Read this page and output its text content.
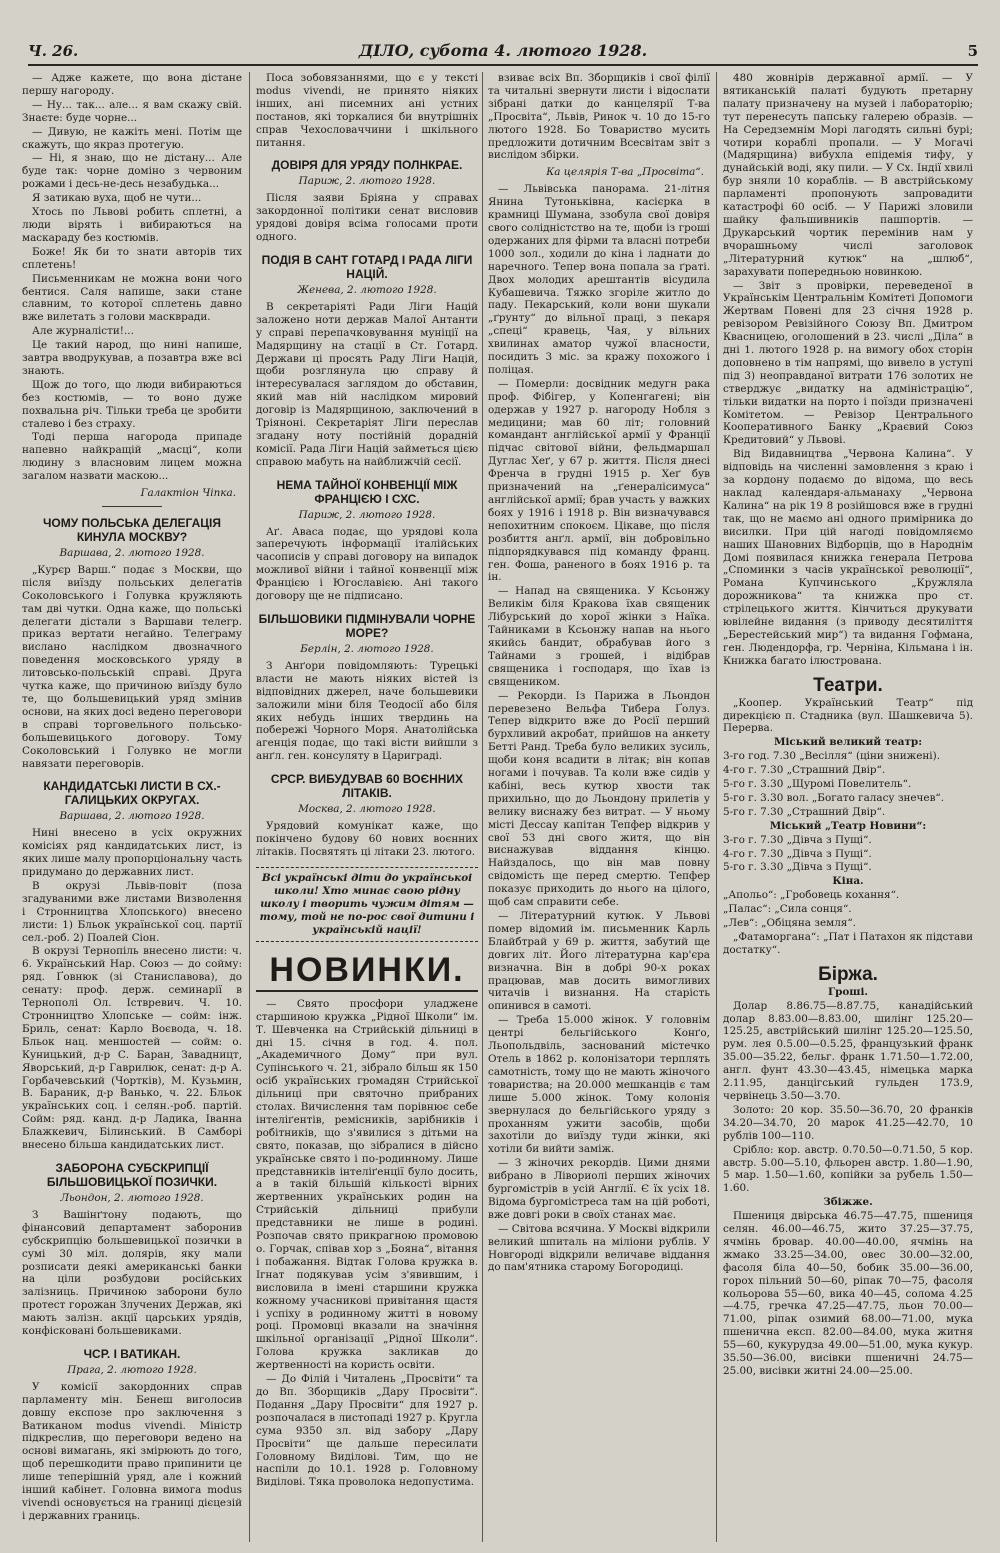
Ч. 26.	ДІЛО, субота 4. лютого 1928.	5

— Адже кажете, що вона дістане першу нагороду.

— Ну... так... але... я вам скажу свій. Знаєте: буде чорне...

— Дивую, не кажіть мені. Потім ще скажуть, що якраз протегую.

— Ні, я знаю, що не дістану... Але буде так: чорне доміно з червоним рожами і десь-не-десь незабудька...

Я затикаю вуха, щоб не чути...

Хтось по Львові робить сплетні, а люди вірять і вибираються на маскараду без костюмів.

Боже! Як би то знати авторів тих сплетень!

Письменникам не можна вони чого бентися. Саля напише, заки стане славним, то которої сплетень давно вже вилетать з голови масквради.

Але журналісти!...

Це такий народ, що нині напише, завтра вводрукував, а позавтра вже всі знають.

Щож до того, що люди вибираються без костюмів, — то воно дуже похвальна річ. Тільки треба це зробити сталево і без страху.

Тоді перша нагорода припаде напевно найкращій „масці“, коли людину з власновим лицем можна загалом назвати маскою...

Галактіон Чіпка.
ЧОМУ ПОЛЬСЬКА ДЕЛЕГАЦІЯ КИНУЛА МОСКВУ?

Варшава, 2. лютого 1928.

„Курєр Варш.“ подає з Москви, що після виїзду польських делегатів Соколовського і Голувка кружляють там дві чутки. Одна каже, що польські делегати дістали з Варшави телегр. приказ вертати негайно. Телеграму вислано наслідком двозначного поведення московського уряду в литовсько-польській справі. Друга чутка каже, що причиною виїзду було те, що большевицький уряд змінив основи, на яких досі ведено переговори в справі торговельного польсько-большевицького договору. Тому Соколовський і Голувко не могли навязати переговорів.

КАНДИДАТСЬКІ ЛИСТИ В СХ.-ГАЛИЦЬКИХ ОКРУГАХ.

Варшава, 2. лютого 1928.

Нині внесено в усіх окружних комісіях ряд кандидатських лист, із яких лише малу пропорціональну часть придумано до державних лист.

В окрузі Львів-повіт (поза згадуваними вже листами Визволення і Стронництва Хлопського) внесено листи: 1) Бльок української соц. партії сел.-роб. 2) Поалей Сіон.

В окрузі Тернопіль внесено листи: ч. 6. Український Нар. Союз — до сойму: ряд. Ґовнюк (зі Станиславова), до сенату: проф. держ. семинарії в Тернополі Ол. Іствревич. Ч. 10. Стронництво Хлопське — сойм: інж. Бриль, сенат: Карло Воєвода, ч. 18. Бльок нац. меншостей — сойм: о. Куницький, д-р С. Баран, Завадницт, Яворський, д-р Гаврилюк, сенат: д-р А. Горбачевський (Чортків), М. Кузьмин, В. Бараник, д-р Ванько, ч. 22. Бльок українських соц. і селян.-роб. партій. Сойм: ряд. канд. д-р Ладика, Іванна Блажкевич, Білинський. В Самборі внесено більша кандидатських лист.

ЗАБОРОНА СУБСКРИПЦІЇ БІЛЬШОВИЦЬКОЇ ПОЗИЧКИ.

Льондон, 2. лютого 1928.

З Вашінґтону подають, що фінансовий департамент заборонив субскрипцію большевицької позички в сумі 30 міл. долярів, яку мали розписати деякі американські банки на ціли розбудови російських залізниць. Причиною заборони було протест горожан Злучених Держав, які мають залізн. акції царських урядів, конфісковані большевиками.

ЧСР. І ВАТИКАН.

Прага, 2. лютого 1928.

У комісії закордонних справ парламенту мін. Бенеш виголосив довшу експозе про заключення з Ватиканом modus vivendi. Міністр підкреслив, що переговори ведено на основі вимагань, які змірюють до того, щоб перешкодити право припинити це лише теперішній уряд, але і кожний інший кабінет. Головна вимога modus vivendi основується на границі дієцезій і державних границь.

Поса зобовязаннями, що є у тексті modus vivendi, не принято ніяких інших, ані писемних ані устних постанов, які торкалися би внутрішніх справ Чехословаччини і шкільного питання.

ДОВІРЯ ДЛЯ УРЯДУ ПОЛНКРАЕ.

Париж, 2. лютого 1928.

Після заяви Бріяна у справах закордонної політики сенат висловив урядові довіря всіма голосами проти одного.

ПОДІЯ В САНТ ГОТАРД І РАДА ЛІГИ НАЦІЙ.

Женева, 2. лютого 1928.

В секретаріяті Ради Ліги Націй заложено ноти держав Малої Антанти у справі перепачковування муніції на Мадярщину на стації в Ст. Готард. Держави ці просять Раду Ліги Націй, щоби розглянула цю справу й інтересувалася заглядом до обставин, який мав ній наслідком мировий договір із Мадярщиною, заключений в Тріяноні. Секретаріят Ліги переслав згадану ноту постійній дорадній комісії. Рада Ліги Націй займеться цією справою мабуть на найближчій сесії.

НЕМА ТАЙНОЇ КОНВЕНЦІЇ МІЖ ФРАНЦІЄЮ І СХС.

Париж, 2. лютого 1928.

Аґ. Аваса подає, що урядові кола заперечують інформації італійських часописів у справі договору на випадок можливої війни і тайної конвенції між Францією і Югославією. Ані такого договору ще не підписано.

БІЛЬШОВИКИ ПІДМІНУВАЛИ ЧОРНЕ МОРЕ?

Берлін, 2. лютого 1928.

З Анґори повідомляють: Турецькі власти не мають ніяких вістей із відповідних джерел, наче большевики заложили міни біля Теодосії або біля яких небудь інших твердинь на побережі Чорного Моря. Анатолійська агенція подає, що такі вісти вийшли з анґл. ген. консуляту в Цариграді.

СРСР. ВИБУДУВАВ 60 ВОЄННИХ ЛІТАКІВ.

Москва, 2. лютого 1928.

Урядовий комунікат каже, що покінчено будову 60 нових воєнних літаків. Посвятять ці літаки 23. лютого.

Всі українські діти до українськоі школи! Хто минає свою рідну школу і творить чужим дітям — тому, той не по-рос свої дитини і українській нації!
НОВИНКИ.

— Свято просфори уладжене старшиною кружка „Рідної Школи“ ім. Т. Шевченка на Стрийській дільниці в дні 15. січня в год. 4. пол. „Академичного Дому“ при вул. Супінського ч. 21, зібрало більш як 150 осіб українських громадян Стрийської дільниці при святочно прибраних столах. Вичислення там порівнює себе інтеліґентів, ремісників, зарібників і робітників, що з'явилися з дітьми на свято, показав, що зібралися в дійсно українське свято і по-родинному. Лише представників інтеліґенції було досить, а в такій більшій кількості вірних жертвенних українських родин на Стрийській дільниці прибули представники не лише в родині. Розпочав свято прикрагною промовою о. Горчак, співав хор з „Бояна“, вітання і побажання. Відтак Голова кружка в. Ігнат подякував усім з'явившим, і висловила в імені старшини кружка кожному учасникові привітання щастя і успіху в родинному житті в новому році. Промовці вказали на значіння шкільної організації „Рідної Школи“. Голова кружка закликав до жертвенності на користь освіти.

— До Філій і Читалень „Просвіти“ та до Вп. Зборщиків „Дару Просвіти“. Подання „Дару Просвіти“ для 1927 р. розпочалася в листопаді 1927 р. Кругла сума 9350 зл. від забору „Дару Просвіти“ ще дальше пересилати Головному Виділові. Тим, що не наспіли до 10.1. 1928 р. Головному Виділові. Тяка проволока недопустима.

взиває всіх Вп. Зборщиків і свої філії та читальні звернути листи і відослати зібрані датки до канцелярії Т-ва „Просвіта“, Львів, Ринок ч. 10 до 15-го лютого 1928. Бо Товариство мусить предложити дотичним Всесвітам звіт з вислідом збірки.

Ка целярія Т-ва „Просвіта“.

— Львівська панорама. 21-літня Янина Тутоньківна, касієрка в крамниці Шумана, ззобула свої довіря свого солідністство на те, щоби із гроші одержаних для фірми та власні потреби 1000 зол., ходили до кіна і ладнати до наречного. Тепер вона попала за ґраті. Двох молодих арештантів вісудила Кубашевича. Тяжко згоріле житло до паду. Пекарський, коли вони шукали „ґрунту“ до вільної праці, з пекаря „спеці“ кравець, Чая, у вільних хвилинах аматор чужої власности, посидить 3 міс. за кражу похожого і поліцая.

— Померли: досвідник медугн рака проф. Фібігер, у Копенгагені; він одержав у 1927 р. нагороду Нобля з медицини; мав 60 літ; головний командант англійської армії у Франції підчас світової війни, фельдмаршал Дуглас Хеґ, у 67 р. життя. Після днесі Френча в грудні 1915 р. Хеґ був призначений на „ґенералісимуса“ англійської армії; брав участь у важких боях у 1916 і 1918 р. Він визначувався непохитним спокоєм. Цікаве, що після розбиття анґл. армії, він добровільно підпорядкувався під команду франц. ген. Фоша, раненого в боях 1916 р. та ін.

— Напад на священика. У Ксьонжу Великім біля Кракова їхав священик Лібурський до хорої жінки з Наїка. Тайниками в Ксьонжу напав на нього якийсь бандит, обрабував його з Тайнами з грошей, і відібрав священика і господаря, що їхав із священиком.

— Рекорди. Із Парижа в Льондон перевезено Вельфа Тибера Ґолуз. Тепер відкрито вже до Росії перший бурхливий акробат, прийшов на анкету Бетті Ранд. Треба було великих зусиль, щоби коня всадити в літак; він копав ногами і почував. Та коли вже сидів у кабіні, весь кутюр хвости так прихильно, що до Льондону прилетів у велику виснажу без витрат. — У ньому місті Дессау капітан Тепфер відкрив у свої 53 дні свого житя, що він виснажував віддання кінцю. Найздалось, що він мав повну свідомість ще перед смертю. Тепфер показує приходить до нього на цілого, щоб сам справити себе.

— Літературний кутюк. У Львові помер відомий ім. письменник Карль Блайбтрай у 69 р. життя, забутий ще довгих літ. Його літературна кар'єра визначна. Він в добрі 90-х роках працював, мав досить вимогливих читачів і визнання. На старість опинився в самоті.

— Треба 15.000 жінок. У головнім центрі бельгійського Конґо, Льопольдвіль, заснований містечко Отель в 1862 р. колонізатори терплять самотність, тому що не мають жіночого товариства; на 20.000 мешканців є там лише 5.000 жінок. Тому колонія звернулася до бельгійського уряду з проханням ужити засобів, щоби захотіли до виїзду туди жінки, які хотіли би вийти заміж.

— З жіночих рекордів. Цими днями вибрано в Лівориолі перших жіночих бургомістрів в усій Англії. Є їх усіх 18. Відома бургомістреса там на цій роботі, вже довгі роки в своїх станах має.

— Світова всячина. У Москві відкрили великий шпиталь на міліони рублів. У Новгороді відкрили величаве віддання до пам'ятника старому Богородиці.

480 жовнірів державної армії. — У вятиканській палаті будують претарну палату призначену на музей і лабораторію; тут перенесуть папську галерею образів. — На Середземнім Морі лагодять сильні бурі; чотири кораблі пропали. — У Могачі (Мадярщина) вибухла епідемія тифу, у дунайській воді, яку пили. — У Сх. Індії хвилі бур зняли 10 кораблів. — В австрійському парламенті пропонують запровадити катастрофі 60 осіб. — У Парижі зловили шайку фальшивників пашпортів. — Друкарський чортик перемінив нам у вчорашньому числі заголовок „Літературний кутюк“ на „шлюб“, зарахувати попередньою новинкою.

— Звіт з провірки, переведеної в Українськім Центральнім Комітеті Допомоги Жертвам Повені для 23 січня 1928 р. ревізором Ревізійного Союзу Вп. Дмитром Квасницею, оголошений в 23. числі „Діла“ в дні 1. лютого 1928 р. на вимогу обох сторін доповнено в тім напрямі, що вивело в уступі під 3) неоправданої витрати 176 золотих не стверджує „видатку на адміністрацію“, тільки видатки на порто і поїзди призначені Комітетом. — Ревізор Центрального Кооперативного Банку „Краєвий Союз Кредитовий“ у Львові.

Від Видавництва „Червона Калина“. У відповідь на численні замовлення з краю і за кордону подаємо до відома, що весь наклад календаря-альманаху „Червона Калина“ на рік 19 8 розійшовся вже в грудні так, що не маємо ані одного примірника до висилки. При цій нагоді повідомляємо наших Шановних Відборців, що в Народнім Домі появилася книжка генерала Петрова „Споминки з часів української революції“, Романа Купчинського „Кружляла дорожникова“ та книжка про ст. стрілецького життя. Кінчиться друкувати ювілейне видання (з приводу десятиліття „Берестейський мир“) та видання Гофмана, ген. Людендорфа, гр. Черніна, Кільмана і ін. Книжка багато ілюстрована.

Театри.

„Коопер. Український Театр“ під дирекцією п. Стадника (вул. Шашкевича 5). Перерва.

Міський великий театр:

3-го год. 7.30 „Весілля“ (ціни знижені).

4-го г. 7.30 „Страшний Двір“.

5-го г. 3.30 „Щуромі Повелитель“.

5-го г. 3.30 вол. „Богато галасу знечев“.

5-го г. 7.30 „Страшний Двір“.

Міський „Театр Новини“:

3-го г. 7.30 „Дівча з Пущі“.

4-го г. 7.30 „Дівча з Пущі“.

5-го г. 3.30 „Дівча з Пущі“.

Кіна.

„Апольо“: „Гробовець кохання“.

„Палас“: „Сила сонця“.

„Лев“: „Обіцяна земля“.

„Фатаморгана“: „Пат і Патахон як підстави достатку“.

Біржа.

Гроші.

Долар 8.86.75—8.87.75, канадійський долар 8.83.00—8.83.00, шилінг 125.20—125.25, австрійський шилінг 125.20—125.50, рум. лея 0.5.00—0.5.25, французький франк 35.00—35.22, бельг. франк 1.71.50—1.72.00, англ. фунт 43.30—43.45, німецька марка 2.11.95, данцігський гульден 173.9, червінець 3.50—3.70.

Золото: 20 кор. 35.50—36.70, 20 франків 34.20—34.70, 20 марок 41.25—42.70, 10 рублів 100—110.

Срібло: кор. австр. 0.70.50—0.71.50, 5 кор. австр. 5.00—5.10, фльорен австр. 1.80—1.90, 5 мар. 1.50—1.60, копійки за рубель 1.50—1.60.

Збіжже.

Пшениця двірська 46.75—47.75, пшениця селян. 46.00—46.75, жито 37.25—37.75, ячмінь бровар. 40.00—40.00, ячмінь на жмако 33.25—34.00, овес 30.00—32.00, фасоля біла 40—50, бобик 35.00—36.00, горох пільний 50—60, ріпак 70—75, фасоля кольорова 55—60, вика 40—45, солома 4.25—4.75, гречка 47.25—47.75, льон 70.00—71.00, ріпак озимий 68.00—71.00, мука пшенична експ. 82.00—84.00, мука житня 55—60, кукурудза 49.00—51.00, мука кукур. 35.50—36.00, висівки пшеничні 24.75—25.00, висівки житні 24.00—25.00.
